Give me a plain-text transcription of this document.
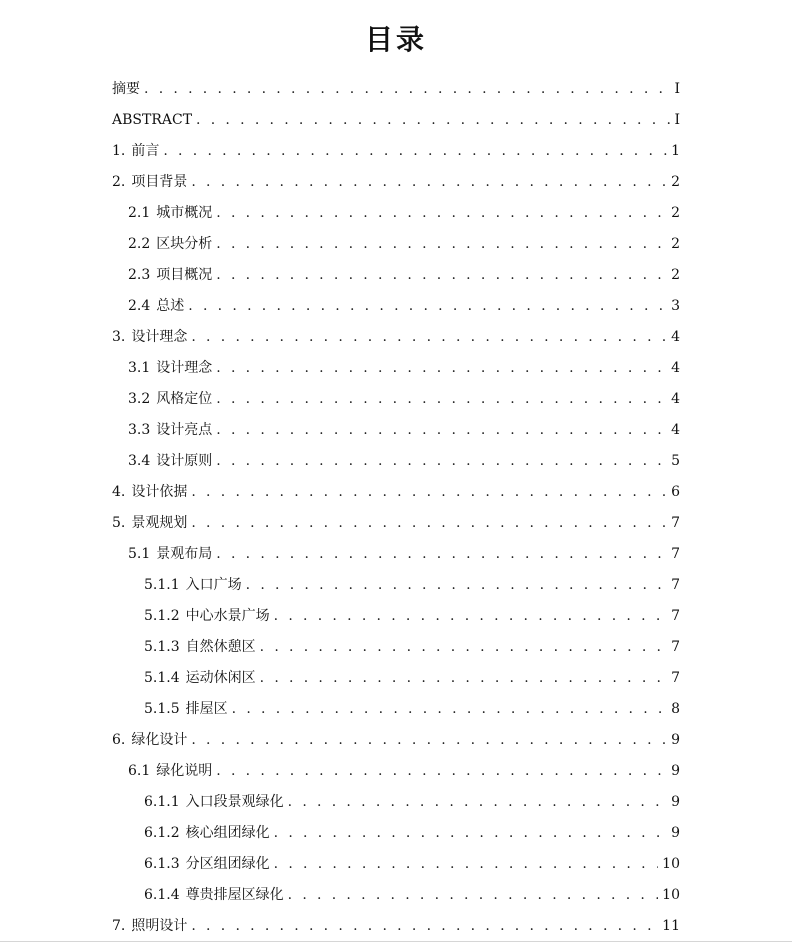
目录
摘要 . . .	I
ABSTRACT . . .	I
1. 前言 . . .	1
2. 项目背景 . . .	2
2.1 城市概况 . . .	2
2.2 区块分析 . . .	2
2.3 项目概况 . . .	2
2.4 总述 . . .	3
3. 设计理念 . . .	4
3.1 设计理念 . . .	4
3.2 风格定位 . . .	4
3.3 设计亮点 . . .	4
3.4 设计原则 . . .	5
4. 设计依据 . . .	6
5. 景观规划 . . .	7
5.1 景观布局 . . .	7
5.1.1 入口广场 . . .	7
5.1.2 中心水景广场 . . .	7
5.1.3 自然休憩区 . . .	7
5.1.4 运动休闲区 . . .	7
5.1.5 排屋区 . . .	8
6. 绿化设计 . . .	9
6.1 绿化说明 . . .	9
6.1.1 入口段景观绿化 . . .	9
6.1.2 核心组团绿化 . . .	9
6.1.3 分区组团绿化 . . .	10
6.1.4 尊贵排屋区绿化 . . .	10
7. 照明设计 . . .	11
